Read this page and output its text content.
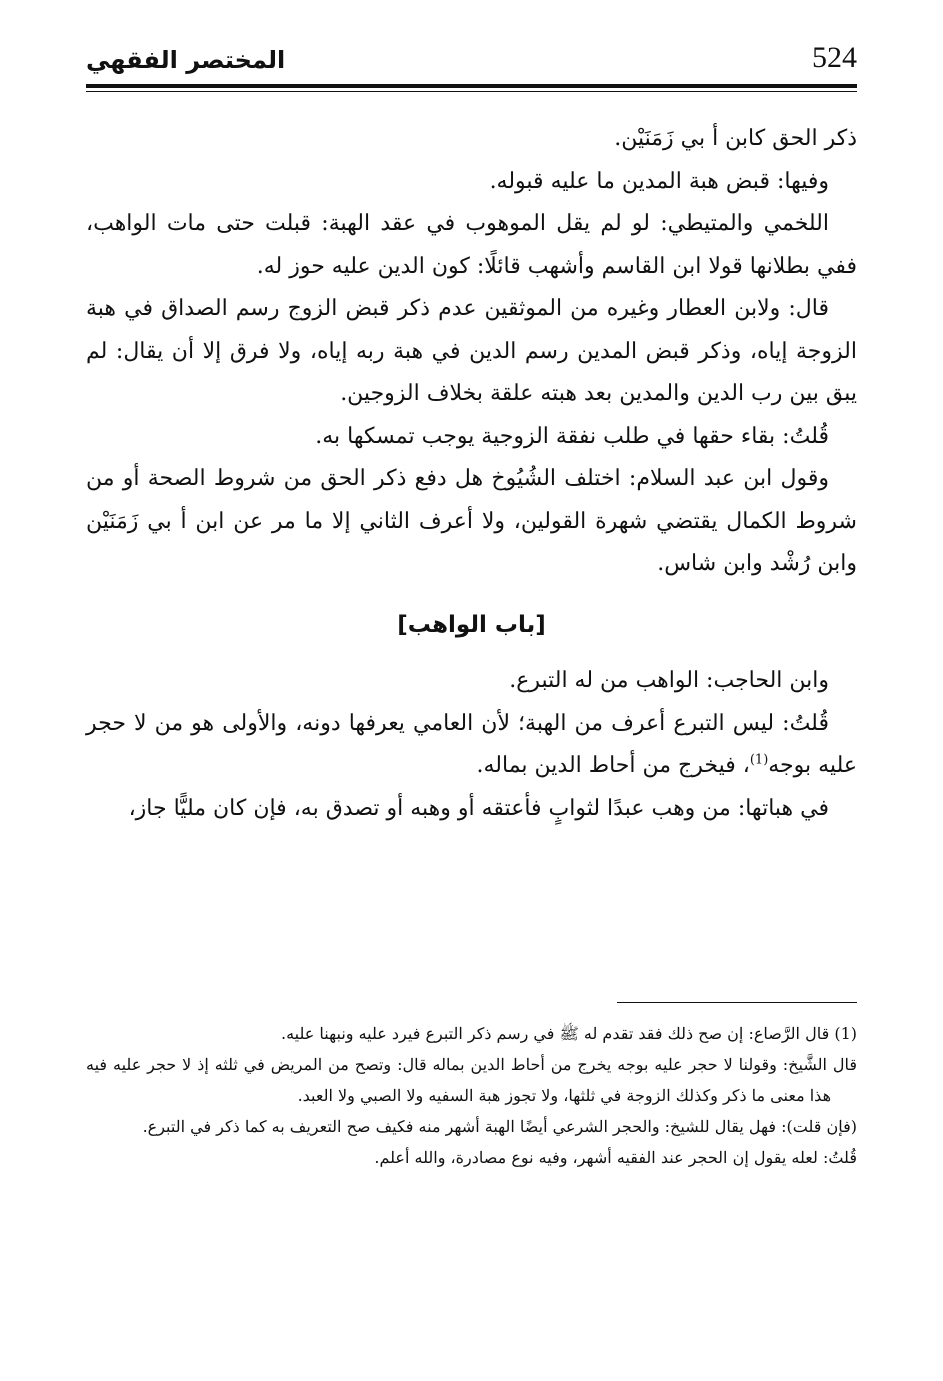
524
المختصر الفقهي

ذكر الحق كابن أ بي زَمَنَيْن.

وفيها: قبض هبة المدين ما عليه قبوله.

اللخمي والمتيطي: لو لم يقل الموهوب في عقد الهبة: قبلت حتى مات الواهب، ففي بطلانها قولا ابن القاسم وأشهب قائلًا: كون الدين عليه حوز له.

قال: ولابن العطار وغيره من الموثقين عدم ذكر قبض الزوج رسم الصداق في هبة الزوجة إياه، وذكر قبض المدين رسم الدين في هبة ربه إياه، ولا فرق إلا أن يقال: لم يبق بين رب الدين والمدين بعد هبته علقة بخلاف الزوجين.

قُلتُ: بقاء حقها في طلب نفقة الزوجية يوجب تمسكها به.

وقول ابن عبد السلام: اختلف الشُيُوخ هل دفع ذكر الحق من شروط الصحة أو من شروط الكمال يقتضي شهرة القولين، ولا أعرف الثاني إلا ما مر عن ابن أ بي زَمَنَيْن وابن رُشْد وابن شاس.

[باب الواهب]

وابن الحاجب: الواهب من له التبرع.

قُلتُ: ليس التبرع أعرف من الهبة؛ لأن العامي يعرفها دونه، والأولى هو من لا حجر عليه بوجه$^{(1)}$، فيخرج من أحاط الدين بماله.

في هباتها: من وهب عبدًا لثوابٍ فأعتقه أو وهبه أو تصدق به، فإن كان مليًّا جاز،

(1) قال الرَّصاع: إن صح ذلك فقد تقدم له ﷺ في رسم ذكر التبرع فيرد عليه ونبهنا عليه.

قال الشَّيخ: وقولنا لا حجر عليه بوجه يخرج من أحاط الدين بماله قال: وتصح من المريض في ثلثه إذ لا حجر عليه فيه هذا معنى ما ذكر وكذلك الزوجة في ثلثها، ولا تجوز هبة السفيه ولا الصبي ولا العبد.

(فإن قلت): فهل يقال للشيخ: والحجر الشرعي أيضًا الهبة أشهر منه فكيف صح التعريف به كما ذكر في التبرع.

قُلتُ: لعله يقول إن الحجر عند الفقيه أشهر، وفيه نوع مصادرة، والله أعلم.
